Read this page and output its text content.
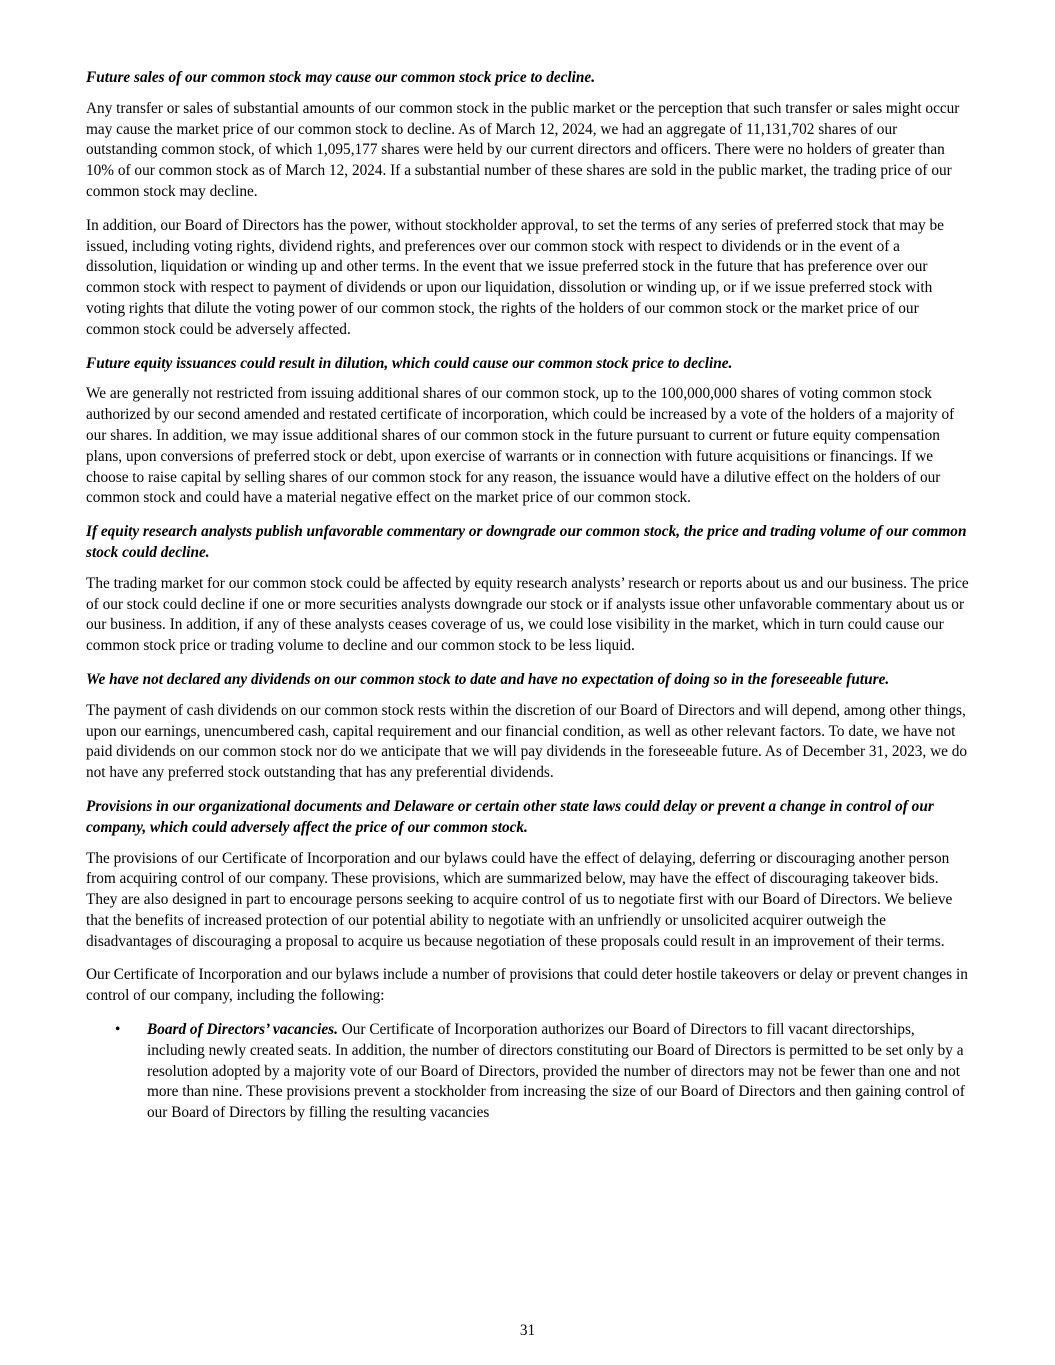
Future sales of our common stock may cause our common stock price to decline.

Any transfer or sales of substantial amounts of our common stock in the public market or the perception that such transfer or sales might occur may cause the market price of our common stock to decline. As of March 12, 2024, we had an aggregate of 11,131,702 shares of our outstanding common stock, of which 1,095,177 shares were held by our current directors and officers. There were no holders of greater than 10% of our common stock as of March 12, 2024. If a substantial number of these shares are sold in the public market, the trading price of our common stock may decline.

In addition, our Board of Directors has the power, without stockholder approval, to set the terms of any series of preferred stock that may be issued, including voting rights, dividend rights, and preferences over our common stock with respect to dividends or in the event of a dissolution, liquidation or winding up and other terms. In the event that we issue preferred stock in the future that has preference over our common stock with respect to payment of dividends or upon our liquidation, dissolution or winding up, or if we issue preferred stock with voting rights that dilute the voting power of our common stock, the rights of the holders of our common stock or the market price of our common stock could be adversely affected.

Future equity issuances could result in dilution, which could cause our common stock price to decline.

We are generally not restricted from issuing additional shares of our common stock, up to the 100,000,000 shares of voting common stock authorized by our second amended and restated certificate of incorporation, which could be increased by a vote of the holders of a majority of our shares. In addition, we may issue additional shares of our common stock in the future pursuant to current or future equity compensation plans, upon conversions of preferred stock or debt, upon exercise of warrants or in connection with future acquisitions or financings. If we choose to raise capital by selling shares of our common stock for any reason, the issuance would have a dilutive effect on the holders of our common stock and could have a material negative effect on the market price of our common stock.

If equity research analysts publish unfavorable commentary or downgrade our common stock, the price and trading volume of our common stock could decline.

The trading market for our common stock could be affected by equity research analysts’ research or reports about us and our business. The price of our stock could decline if one or more securities analysts downgrade our stock or if analysts issue other unfavorable commentary about us or our business. In addition, if any of these analysts ceases coverage of us, we could lose visibility in the market, which in turn could cause our common stock price or trading volume to decline and our common stock to be less liquid.

We have not declared any dividends on our common stock to date and have no expectation of doing so in the foreseeable future.

The payment of cash dividends on our common stock rests within the discretion of our Board of Directors and will depend, among other things, upon our earnings, unencumbered cash, capital requirement and our financial condition, as well as other relevant factors. To date, we have not paid dividends on our common stock nor do we anticipate that we will pay dividends in the foreseeable future. As of December 31, 2023, we do not have any preferred stock outstanding that has any preferential dividends.

Provisions in our organizational documents and Delaware or certain other state laws could delay or prevent a change in control of our company, which could adversely affect the price of our common stock.

The provisions of our Certificate of Incorporation and our bylaws could have the effect of delaying, deferring or discouraging another person from acquiring control of our company. These provisions, which are summarized below, may have the effect of discouraging takeover bids. They are also designed in part to encourage persons seeking to acquire control of us to negotiate first with our Board of Directors. We believe that the benefits of increased protection of our potential ability to negotiate with an unfriendly or unsolicited acquirer outweigh the disadvantages of discouraging a proposal to acquire us because negotiation of these proposals could result in an improvement of their terms.

Our Certificate of Incorporation and our bylaws include a number of provisions that could deter hostile takeovers or delay or prevent changes in control of our company, including the following:

• Board of Directors’ vacancies. Our Certificate of Incorporation authorizes our Board of Directors to fill vacant directorships, including newly created seats. In addition, the number of directors constituting our Board of Directors is permitted to be set only by a resolution adopted by a majority vote of our Board of Directors, provided the number of directors may not be fewer than one and not more than nine. These provisions prevent a stockholder from increasing the size of our Board of Directors and then gaining control of our Board of Directors by filling the resulting vacancies

31
